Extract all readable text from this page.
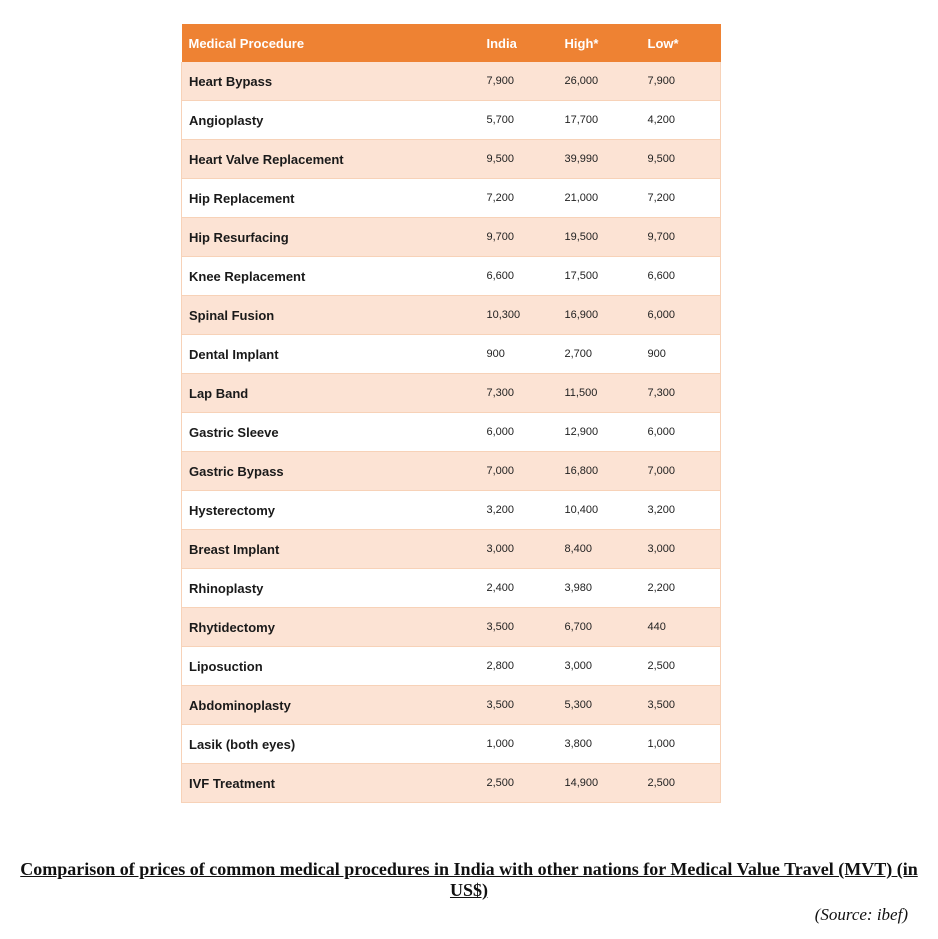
Medical Procedure	India	High*	Low*
Heart Bypass	7,900	26,000	7,900
Angioplasty	5,700	17,700	4,200
Heart Valve Replacement	9,500	39,990	9,500
Hip Replacement	7,200	21,000	7,200
Hip Resurfacing	9,700	19,500	9,700
Knee Replacement	6,600	17,500	6,600
Spinal Fusion	10,300	16,900	6,000
Dental Implant	900	2,700	900
Lap Band	7,300	11,500	7,300
Gastric Sleeve	6,000	12,900	6,000
Gastric Bypass	7,000	16,800	7,000
Hysterectomy	3,200	10,400	3,200
Breast Implant	3,000	8,400	3,000
Rhinoplasty	2,400	3,980	2,200
Rhytidectomy	3,500	6,700	440
Liposuction	2,800	3,000	2,500
Abdominoplasty	3,500	5,300	3,500
Lasik (both eyes)	1,000	3,800	1,000
IVF Treatment	2,500	14,900	2,500
Comparison of prices of common medical procedures in India with other nations for Medical Value Travel (MVT) (in US$)
(Source: ibef)
